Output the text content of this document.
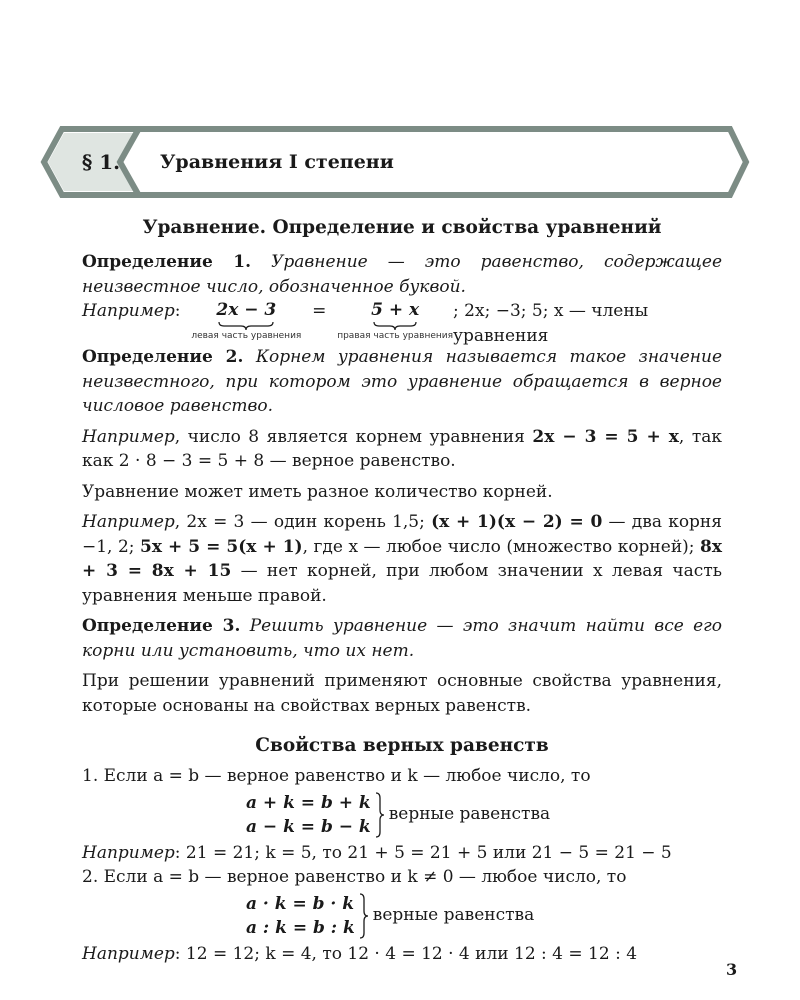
§ 1.	Уравнения I степени

Уравнение. Определение и свойства уравнений

Определение 1. Уравнение — это равенство, содержащее неизвестное число, обозначенное буквой.

Например : 2x − 3
левая часть уравнения

=
	5 + x
правая часть уравнения
; 2x; −3; 5; x — члены уравнения

Определение 2. Корнем уравнения называется такое значение неизвестного, при котором это уравнение обращается в верное числовое равенство.

Например, число 8 является корнем уравнения 2x − 3 = 5 + x, так как 2 · 8 − 3 = 5 + 8 — верное равенство.

Уравнение может иметь разное количество корней.

Например, 2x = 3 — один корень 1,5; (x + 1)(x − 2) = 0 — два корня −1, 2; 5x + 5 = 5(x + 1), где x — любое число (множество корней); 8x + 3 = 8x + 15 — нет корней, при любом значении x левая часть уравнения меньше правой.

Определение 3. Решить уравнение — это значит найти все его корни или установить, что их нет.

При решении уравнений применяют основные свойства уравнения, которые основаны на свойствах верных равенств.

Свойства верных равенств

1. Если a = b — верное равенство и k — любое число, то

a + k = b + k
a − k = b − k
верные равенства

Например: 21 = 21; k = 5, то 21 + 5 = 21 + 5 или 21 − 5 = 21 − 5

2. Если a = b — верное равенство и k ≠ 0 — любое число, то

a · k = b · k
a : k = b : k
верные равенства

Например: 12 = 12; k = 4, то 12 · 4 = 12 · 4 или 12 : 4 = 12 : 4

3
